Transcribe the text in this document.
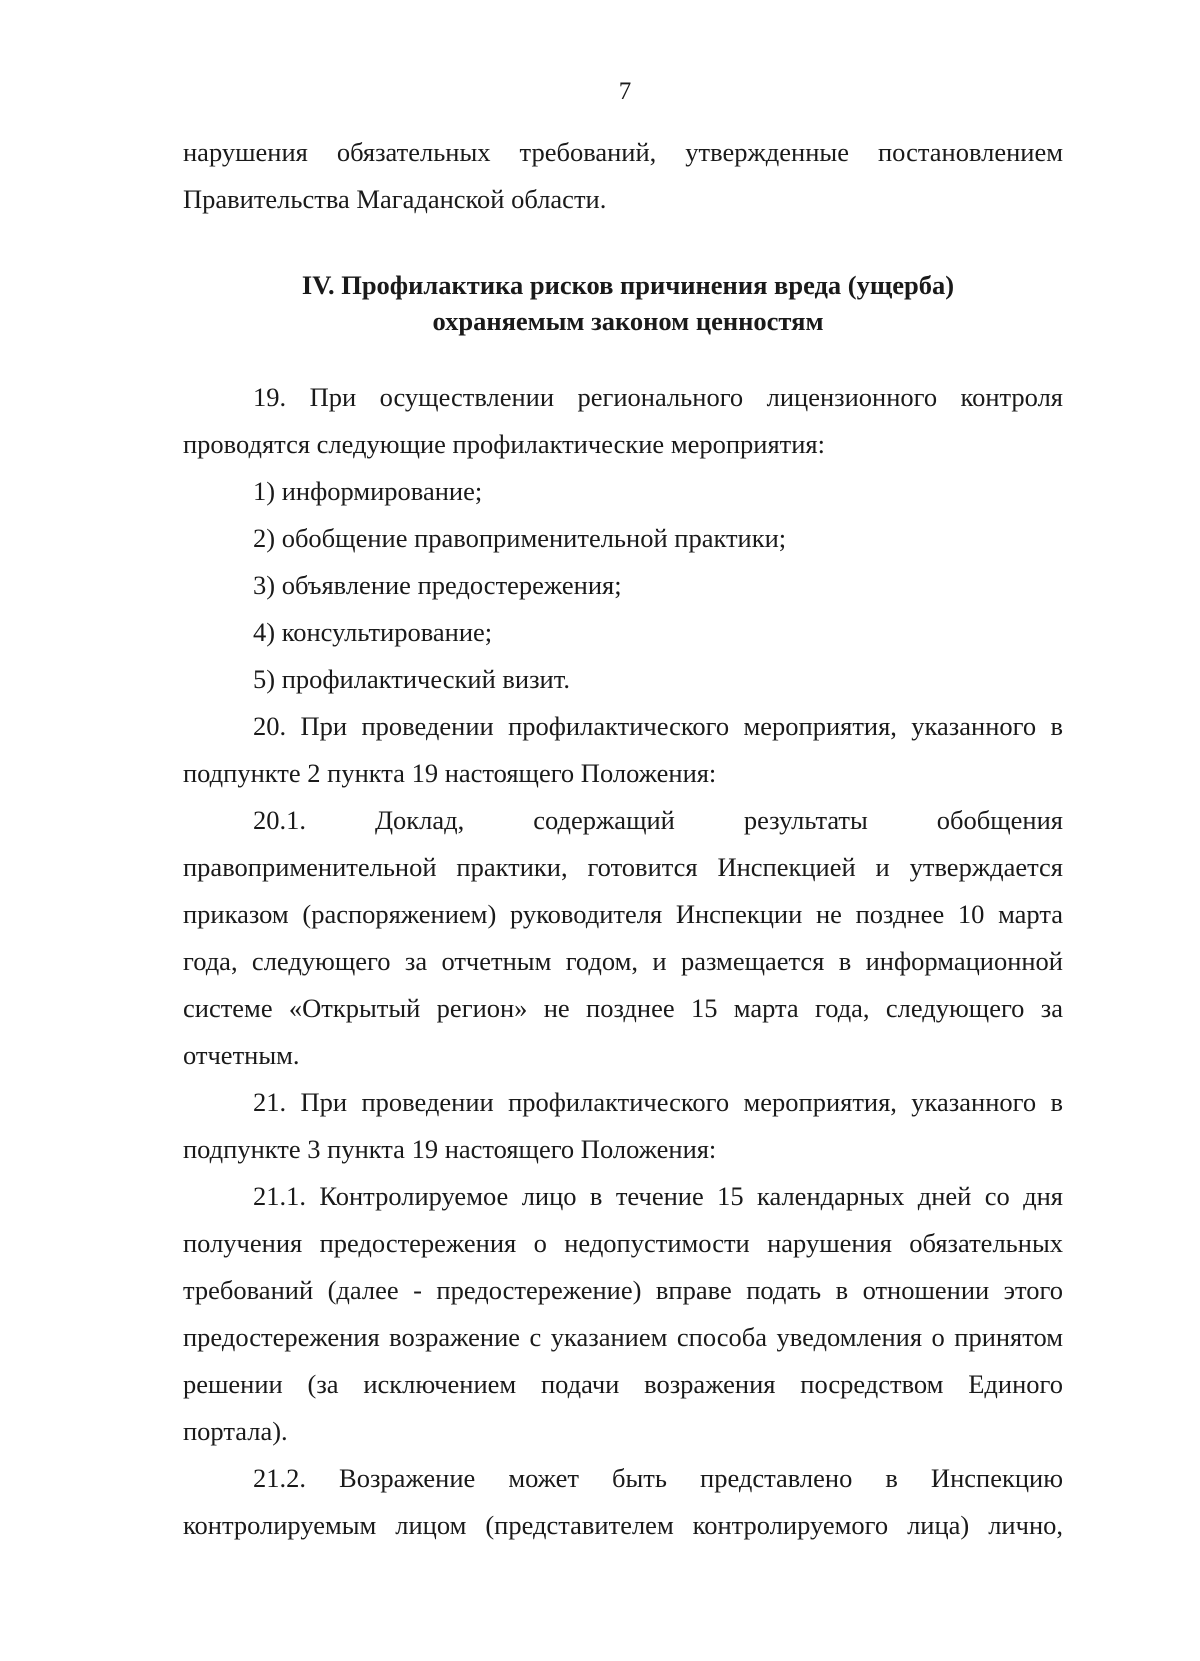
7

нарушения обязательных требований, утвержденные постановлением Правительства Магаданской области.

IV. Профилактика рисков причинения вреда (ущерба)
охраняемым законом ценностям

19. При осуществлении регионального лицензионного контроля проводятся следующие профилактические мероприятия:

1) информирование;

2) обобщение правоприменительной практики;

3) объявление предостережения;

4) консультирование;

5) профилактический визит.

20. При проведении профилактического мероприятия, указанного в подпункте 2 пункта 19 настоящего Положения:

20.1. Доклад, содержащий результаты обобщения правоприменительной практики, готовится Инспекцией и утверждается приказом (распоряжением) руководителя Инспекции не позднее 10 марта года, следующего за отчетным годом, и размещается в информационной системе «Открытый регион» не позднее 15 марта года, следующего за отчетным.

21. При проведении профилактического мероприятия, указанного в подпункте 3 пункта 19 настоящего Положения:

21.1. Контролируемое лицо в течение 15 календарных дней со дня получения предостережения о недопустимости нарушения обязательных требований (далее - предостережение) вправе подать в отношении этого предостережения возражение с указанием способа уведомления о принятом решении (за исключением подачи возражения посредством Единого портала).

21.2. Возражение может быть представлено в Инспекцию контролируемым лицом (представителем контролируемого лица) лично,
